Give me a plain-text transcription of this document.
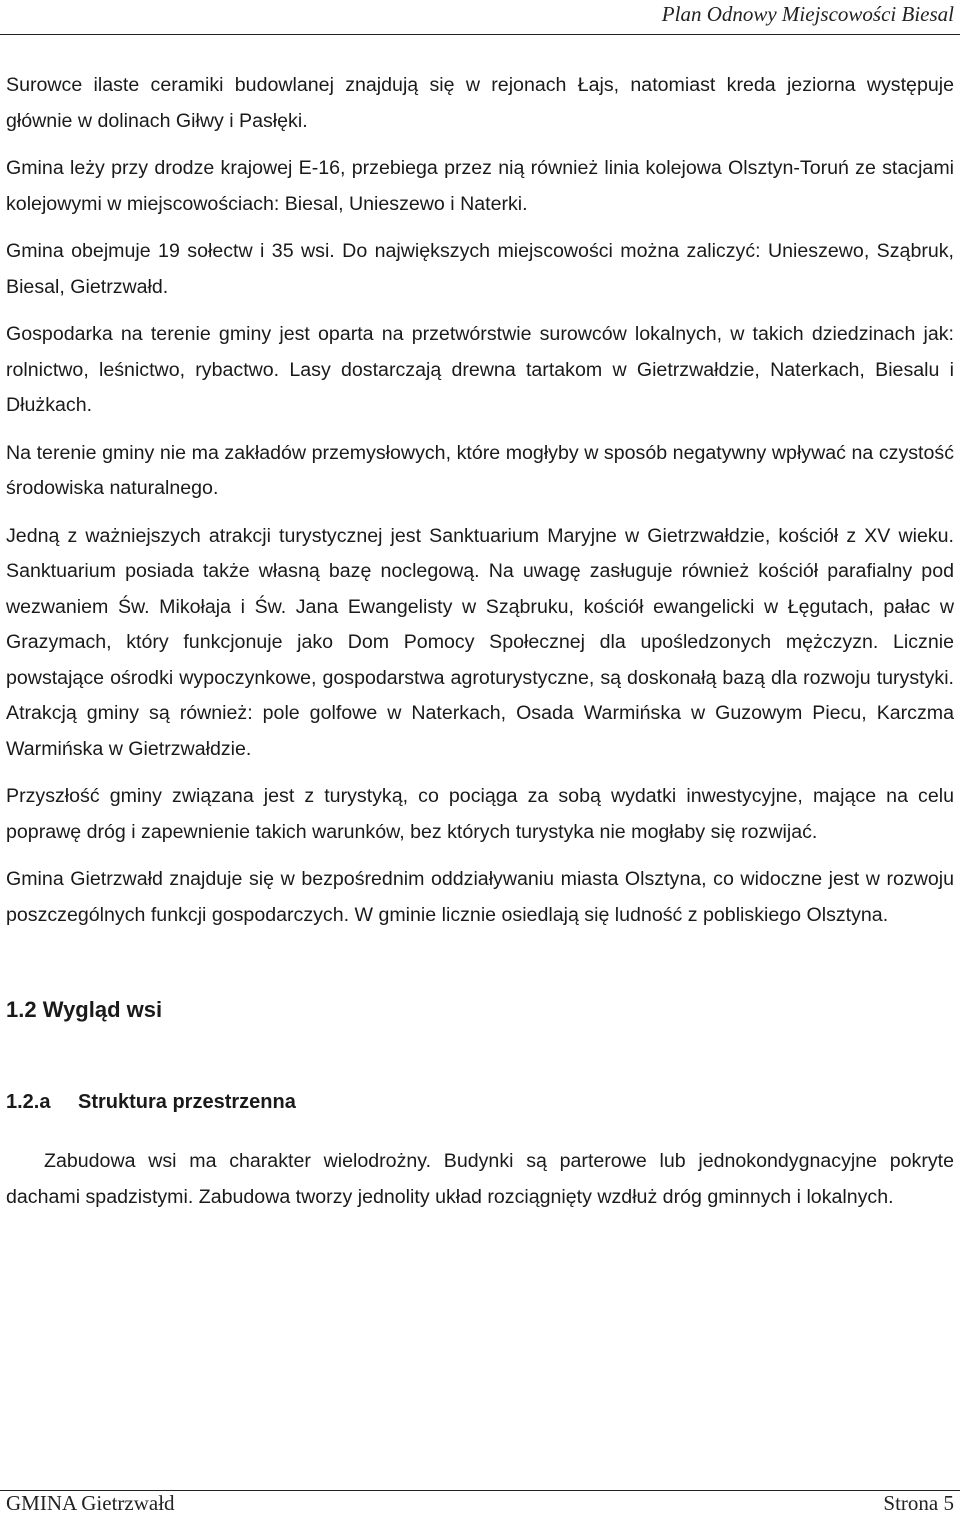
Plan Odnowy Miejscowości Biesal

Surowce ilaste ceramiki budowlanej znajdują się w rejonach Łajs, natomiast kreda jeziorna występuje głównie w dolinach Giłwy i Pasłęki.

Gmina leży przy drodze krajowej E-16, przebiega przez nią również linia kolejowa Olsztyn-Toruń ze stacjami kolejowymi w miejscowościach: Biesal, Unieszewo i Naterki.

Gmina obejmuje 19 sołectw i 35 wsi. Do największych miejscowości można zaliczyć: Unieszewo, Sząbruk, Biesal, Gietrzwałd.

Gospodarka na terenie gminy jest oparta na przetwórstwie surowców lokalnych, w takich dziedzinach jak: rolnictwo, leśnictwo, rybactwo. Lasy dostarczają drewna tartakom w Gietrzwałdzie, Naterkach, Biesalu i Dłużkach.

Na terenie gminy nie ma zakładów przemysłowych, które mogłyby w sposób negatywny wpływać na czystość środowiska naturalnego.

Jedną z ważniejszych atrakcji turystycznej jest Sanktuarium Maryjne w Gietrzwałdzie, kościół z XV wieku. Sanktuarium posiada także własną bazę noclegową. Na uwagę zasługuje również kościół parafialny pod wezwaniem Św. Mikołaja i Św. Jana Ewangelisty w Sząbruku, kościół ewangelicki w Łęgutach, pałac w Grazymach, który funkcjonuje jako Dom Pomocy Społecznej dla upośledzonych mężczyzn. Licznie powstające ośrodki wypoczynkowe, gospodarstwa agroturystyczne, są doskonałą bazą dla rozwoju turystyki. Atrakcją gminy są również: pole golfowe w Naterkach, Osada Warmińska w Guzowym Piecu, Karczma Warmińska w Gietrzwałdzie.

Przyszłość gminy związana jest z turystyką, co pociąga za sobą wydatki inwestycyjne, mające na celu poprawę dróg i zapewnienie takich warunków, bez których turystyka nie mogłaby się rozwijać.

Gmina Gietrzwałd znajduje się w bezpośrednim oddziaływaniu miasta Olsztyna, co widoczne jest w rozwoju poszczególnych funkcji gospodarczych. W gminie licznie osiedlają się ludność z pobliskiego Olsztyna.

1.2 Wygląd wsi
1.2.a Struktura przestrzenna

Zabudowa wsi ma charakter wielodrożny. Budynki są parterowe lub jednokondygnacyjne pokryte dachami spadzistymi. Zabudowa tworzy jednolity układ rozciągnięty wzdłuż dróg gminnych i lokalnych.

GMINA Gietrzwałd	Strona 5
